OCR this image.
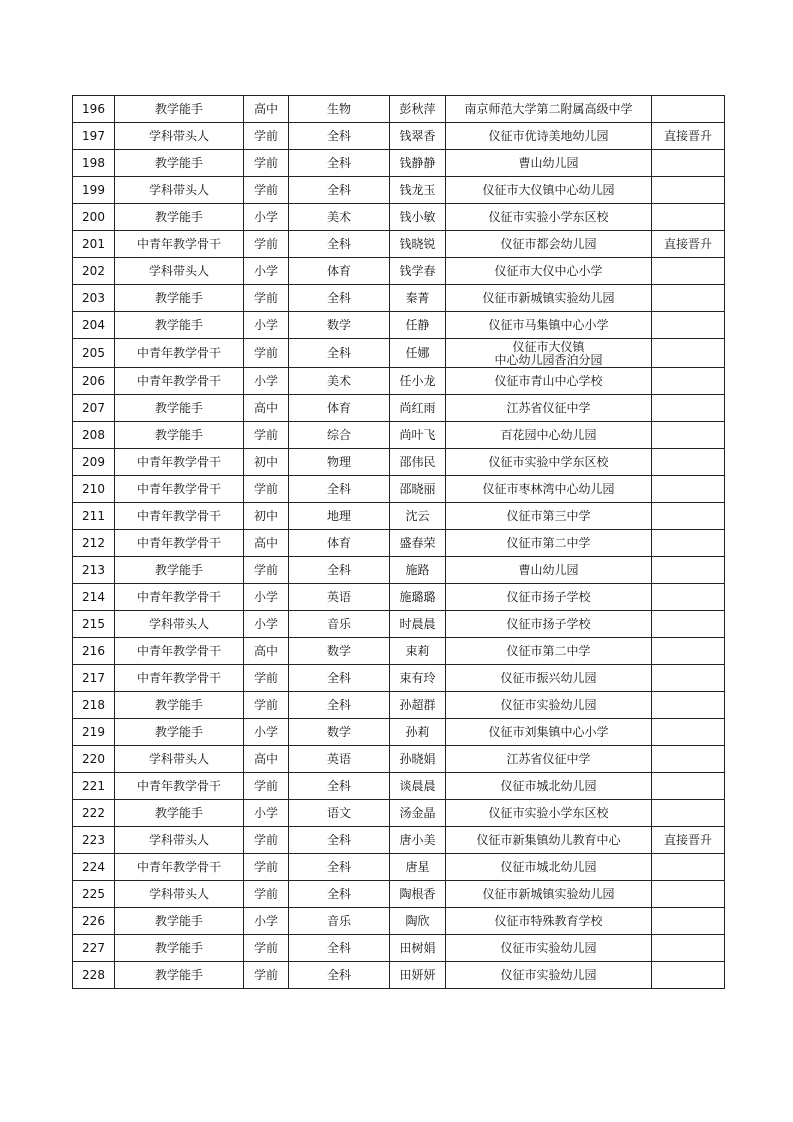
196	教学能手	高中	生物	彭秋萍	南京师范大学第二附属高级中学	
197	学科带头人	学前	全科	钱翠香	仪征市优诗美地幼儿园	直接晋升
198	教学能手	学前	全科	钱静静	曹山幼儿园	
199	学科带头人	学前	全科	钱龙玉	仪征市大仪镇中心幼儿园	
200	教学能手	小学	美术	钱小敏	仪征市实验小学东区校	
201	中青年教学骨干	学前	全科	钱晓锐	仪征市都会幼儿园	直接晋升
202	学科带头人	小学	体育	钱学春	仪征市大仪中心小学	
203	教学能手	学前	全科	秦菁	仪征市新城镇实验幼儿园	
204	教学能手	小学	数学	任静	仪征市马集镇中心小学	
205	中青年教学骨干	学前	全科	任娜	仪征市大仪镇
中心幼儿园香泊分园	

206	中青年教学骨干	小学	美术	任小龙	仪征市青山中心学校	
207	教学能手	高中	体育	尚红雨	江苏省仪征中学	
208	教学能手	学前	综合	尚叶飞	百花园中心幼儿园	
209	中青年教学骨干	初中	物理	邵伟民	仪征市实验中学东区校	
210	中青年教学骨干	学前	全科	邵晓丽	仪征市枣林湾中心幼儿园	
211	中青年教学骨干	初中	地理	沈云	仪征市第三中学	
212	中青年教学骨干	高中	体育	盛春荣	仪征市第二中学	
213	教学能手	学前	全科	施路	曹山幼儿园	
214	中青年教学骨干	小学	英语	施璐璐	仪征市扬子学校	
215	学科带头人	小学	音乐	时晨晨	仪征市扬子学校	
216	中青年教学骨干	高中	数学	束莉	仪征市第二中学	
217	中青年教学骨干	学前	全科	束有玲	仪征市振兴幼儿园	
218	教学能手	学前	全科	孙超群	仪征市实验幼儿园	
219	教学能手	小学	数学	孙莉	仪征市刘集镇中心小学	
220	学科带头人	高中	英语	孙晓娟	江苏省仪征中学	
221	中青年教学骨干	学前	全科	谈晨晨	仪征市城北幼儿园	
222	教学能手	小学	语文	汤金晶	仪征市实验小学东区校	
223	学科带头人	学前	全科	唐小美	仪征市新集镇幼儿教育中心	直接晋升
224	中青年教学骨干	学前	全科	唐星	仪征市城北幼儿园	
225	学科带头人	学前	全科	陶根香	仪征市新城镇实验幼儿园	
226	教学能手	小学	音乐	陶欣	仪征市特殊教育学校	
227	教学能手	学前	全科	田树娟	仪征市实验幼儿园	
228	教学能手	学前	全科	田妍妍	仪征市实验幼儿园	
